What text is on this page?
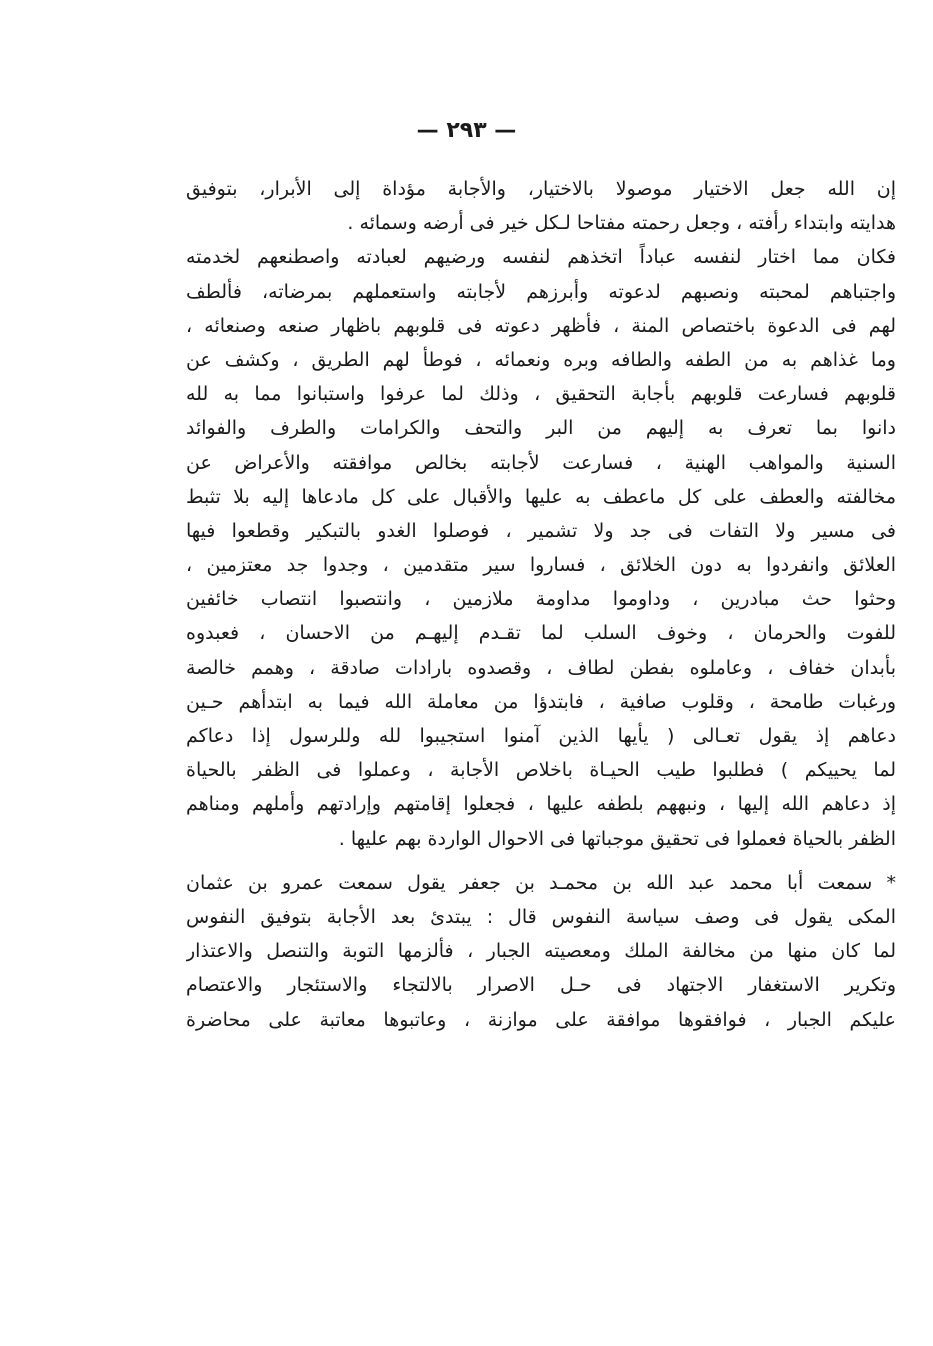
— ٢٩٣ —
إن الله جعل الاختيار موصولا بالاختيار، والأجابة مؤداة إلى الأبرار، بتوفيق
هدايته وابتداء رأفته ، وجعل رحمته مفتاحا لـكل خير فى أرضه وسمائه .
فكان مما اختار لنفسه عباداً اتخذهم لنفسه ورضيهم لعبادته واصطنعهم لخدمته
واجتباهم لمحبته ونصبهم لدعوته وأبرزهم لأجابته واستعملهم بمرضاته، فألطف
لهم فى الدعوة باختصاص المنة ، فأظهر دعوته فى قلوبهم باظهار صنعه وصنعائه ،
وما غذاهم به من الطفه والطافه وبره ونعمائه ، فوطأ لهم الطريق ، وكشف عن
قلوبهم فسارعت قلوبهم بأجابة التحقيق ، وذلك لما عرفوا واستبانوا مما به لله
دانوا بما تعرف به إليهم من البر والتحف والكرامات والطرف والفوائد
السنية والمواهب الهنية ، فسارعت لأجابته بخالص موافقته والأعراض عن
مخالفته والعطف على كل ماعطف به عليها والأقبال على كل مادعاها إليه بلا تثبط
فى مسير ولا التفات فى جد ولا تشمير ، فوصلوا الغدو بالتبكير وقطعوا فيها
العلائق وانفردوا به دون الخلائق ، فساروا سير متقدمين ، وجدوا جد معتزمين ،
وحثوا حث مبادرين ، وداوموا مداومة ملازمين ، وانتصبوا انتصاب خائفين
للفوت والحرمان ، وخوف السلب لما تقـدم إليهـم من الاحسان ، فعبدوه
بأبدان خفاف ، وعاملوه بفطن لطاف ، وقصدوه بارادات صادقة ، وهمم خالصة
ورغبات طامحة ، وقلوب صافية ، فابتدؤا من معاملة الله فيما به ابتدأهم حـين
دعاهم إذ يقول تعـالى ( يأيها الذين آمنوا استجيبوا لله وللرسول إذا دعاكم
لما يحييكم ) فطلبوا طيب الحيـاة باخلاص الأجابة ، وعملوا فى الظفر بالحياة
إذ دعاهم الله إليها ، ونبههم بلطفه عليها ، فجعلوا إقامتهم وإرادتهم وأملهم ومناهم
الظفر بالحياة فعملوا فى تحقيق موجباتها فى الاحوال الواردة بهم عليها .
* سمعت أبا محمد عبد الله بن محمـد بن جعفر يقول سمعت عمرو بن عثمان
المكى يقول فى وصف سياسة النفوس قال : يبتدئ بعد الأجابة بتوفيق النفوس
لما كان منها من مخالفة الملك ومعصيته الجبار ، فألزمها التوبة والتنصل والاعتذار
وتكرير الاستغفار الاجتهاد فى حـل الاصرار بالالتجاء والاستئجار والاعتصام
عليكم الجبار ، فوافقوها موافقة على موازنة ، وعاتبوها معاتبة على محاضرة
